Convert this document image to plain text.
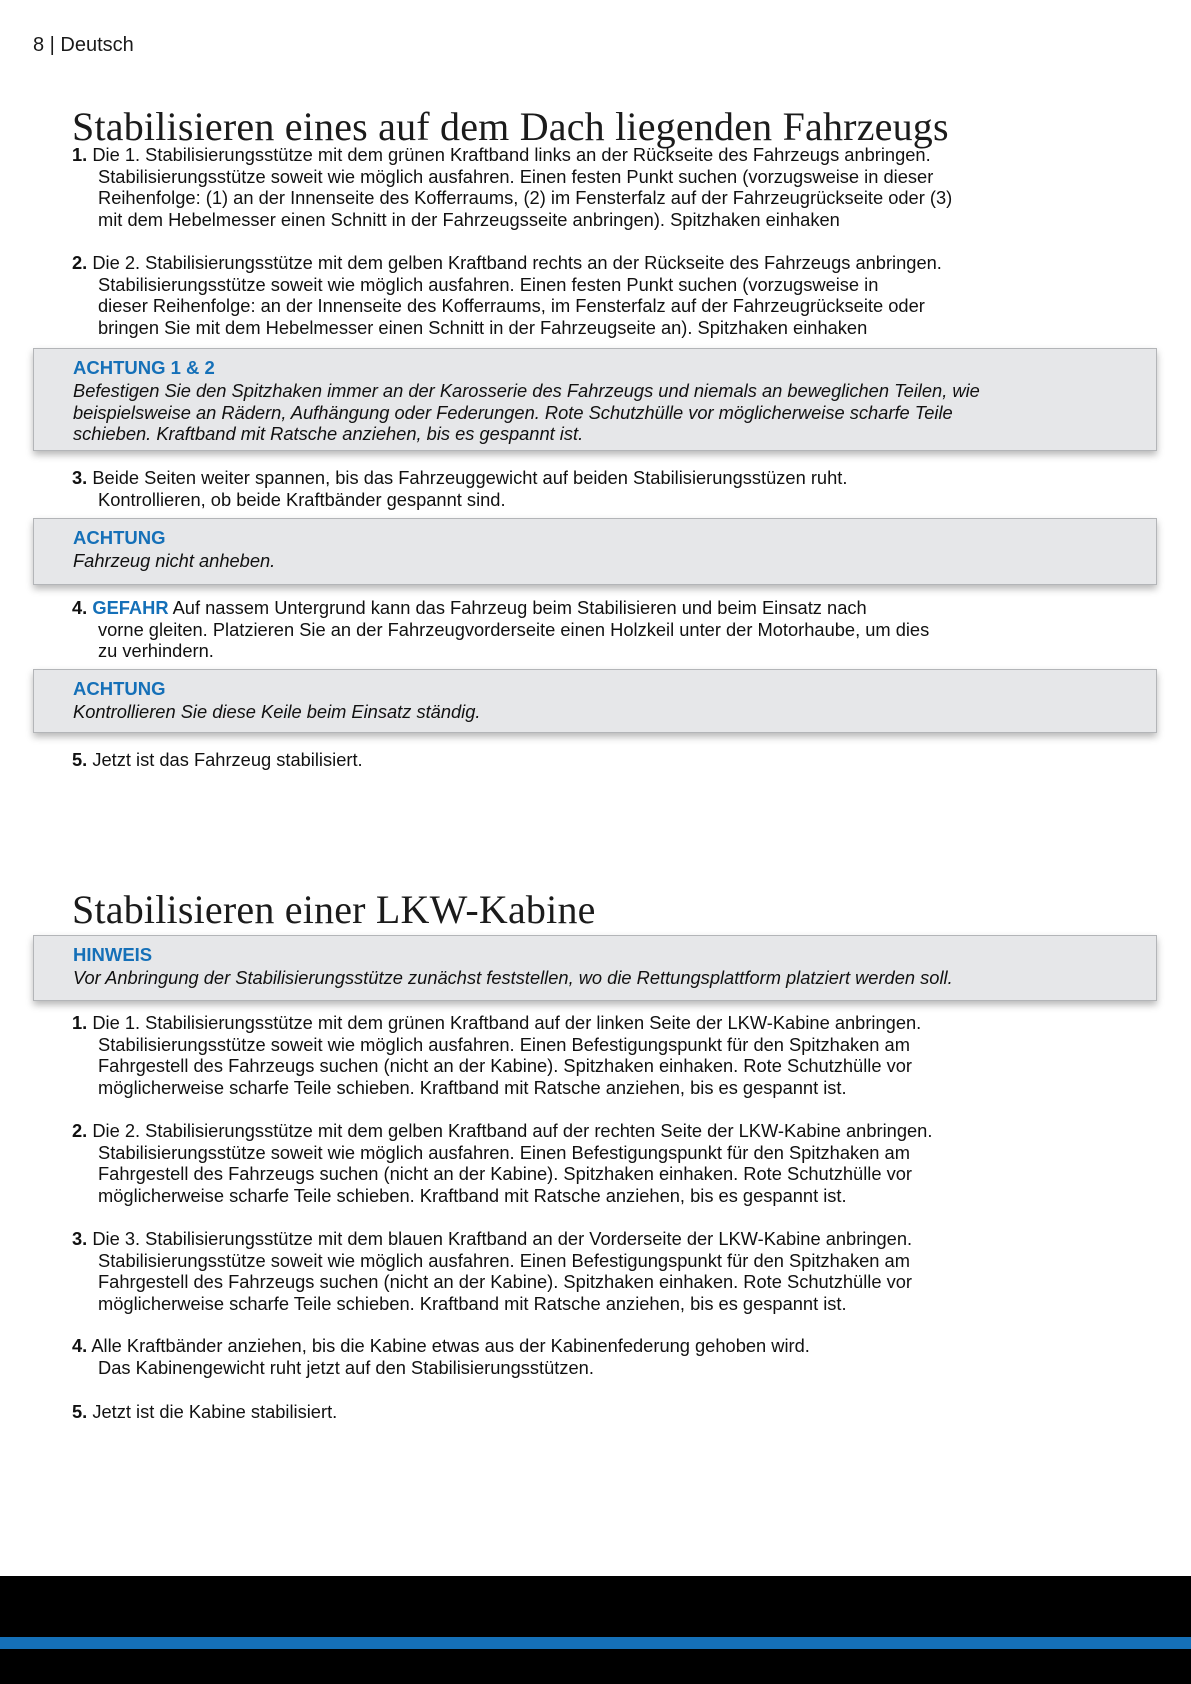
8 | Deutsch
Stabilisieren eines auf dem Dach liegenden Fahrzeugs
1. Die 1. Stabilisierungsstütze mit dem grünen Kraftband links an der Rückseite des Fahrzeugs anbringen.
Stabilisierungsstütze soweit wie möglich ausfahren. Einen festen Punkt suchen (vorzugsweise in dieser
Reihenfolge: (1) an der Innenseite des Kofferraums, (2) im Fensterfalz auf der Fahrzeugrückseite oder (3)
mit dem Hebelmesser einen Schnitt in der Fahrzeugsseite anbringen). Spitzhaken einhaken
2. Die 2. Stabilisierungsstütze mit dem gelben Kraftband rechts an der Rückseite des Fahrzeugs anbringen.
Stabilisierungsstütze soweit wie möglich ausfahren. Einen festen Punkt suchen (vorzugsweise in
dieser Reihenfolge: an der Innenseite des Kofferraums, im Fensterfalz auf der Fahrzeugrückseite oder
bringen Sie mit dem Hebelmesser einen Schnitt in der Fahrzeugseite an). Spitzhaken einhaken
ACHTUNG 1 & 2
Befestigen Sie den Spitzhaken immer an der Karosserie des Fahrzeugs und niemals an beweglichen Teilen, wie
beispielsweise an Rädern, Aufhängung oder Federungen. Rote Schutzhülle vor möglicherweise scharfe Teile
schieben. Kraftband mit Ratsche anziehen, bis es gespannt ist.
3. Beide Seiten weiter spannen, bis das Fahrzeuggewicht auf beiden Stabilisierungsstüzen ruht.
Kontrollieren, ob beide Kraftbänder gespannt sind.
ACHTUNG
Fahrzeug nicht anheben.
4. GEFAHR Auf nassem Untergrund kann das Fahrzeug beim Stabilisieren und beim Einsatz nach
vorne gleiten. Platzieren Sie an der Fahrzeugvorderseite einen Holzkeil unter der Motorhaube, um dies
zu verhindern.
ACHTUNG
Kontrollieren Sie diese Keile beim Einsatz ständig.
5. Jetzt ist das Fahrzeug stabilisiert.
Stabilisieren einer LKW-Kabine
HINWEIS
Vor Anbringung der Stabilisierungsstütze zunächst feststellen, wo die Rettungsplattform platziert werden soll.
1. Die 1. Stabilisierungsstütze mit dem grünen Kraftband auf der linken Seite der LKW-Kabine anbringen.
Stabilisierungsstütze soweit wie möglich ausfahren. Einen Befestigungspunkt für den Spitzhaken am
Fahrgestell des Fahrzeugs suchen (nicht an der Kabine). Spitzhaken einhaken. Rote Schutzhülle vor
möglicherweise scharfe Teile schieben. Kraftband mit Ratsche anziehen, bis es gespannt ist.
2. Die 2. Stabilisierungsstütze mit dem gelben Kraftband auf der rechten Seite der LKW-Kabine anbringen.
Stabilisierungsstütze soweit wie möglich ausfahren. Einen Befestigungspunkt für den Spitzhaken am
Fahrgestell des Fahrzeugs suchen (nicht an der Kabine). Spitzhaken einhaken. Rote Schutzhülle vor
möglicherweise scharfe Teile schieben. Kraftband mit Ratsche anziehen, bis es gespannt ist.
3. Die 3. Stabilisierungsstütze mit dem blauen Kraftband an der Vorderseite der LKW-Kabine anbringen.
Stabilisierungsstütze soweit wie möglich ausfahren. Einen Befestigungspunkt für den Spitzhaken am
Fahrgestell des Fahrzeugs suchen (nicht an der Kabine). Spitzhaken einhaken. Rote Schutzhülle vor
möglicherweise scharfe Teile schieben. Kraftband mit Ratsche anziehen, bis es gespannt ist.
4. Alle Kraftbänder anziehen, bis die Kabine etwas aus der Kabinenfederung gehoben wird.
Das Kabinengewicht ruht jetzt auf den Stabilisierungsstützen.
5. Jetzt ist die Kabine stabilisiert.
